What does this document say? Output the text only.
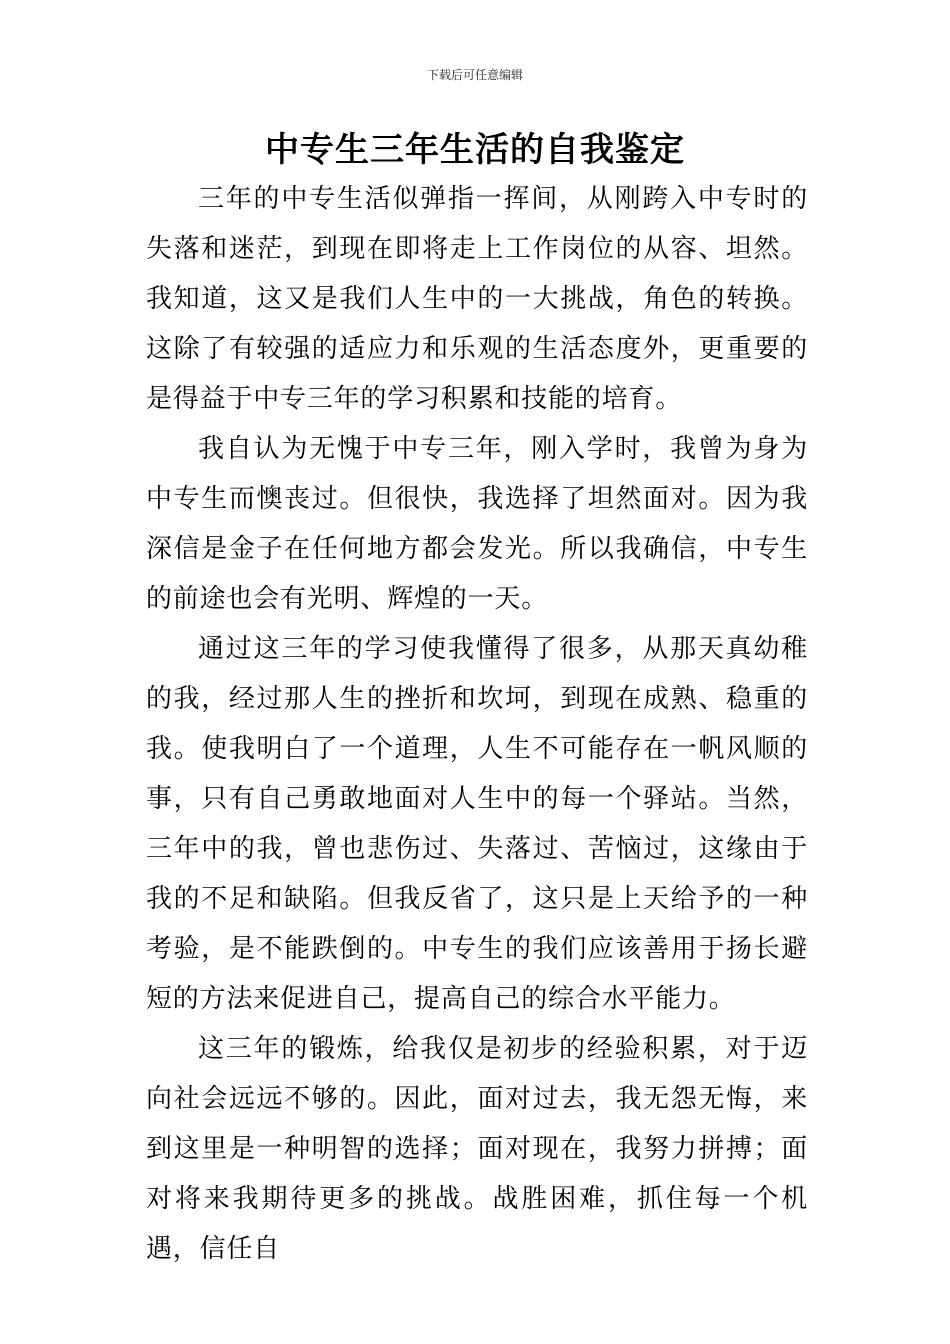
下载后可任意编辑
中专生三年生活的自我鉴定

三年的中专生活似弹指一挥间，从刚跨入中专时的失落和迷茫，到现在即将走上工作岗位的从容、坦然。我知道，这又是我们人生中的一大挑战，角色的转换。这除了有较强的适应力和乐观的生活态度外，更重要的是得益于中专三年的学习积累和技能的培育。

我自认为无愧于中专三年，刚入学时，我曾为身为中专生而懊丧过。但很快，我选择了坦然面对。因为我深信是金子在任何地方都会发光。所以我确信，中专生的前途也会有光明、辉煌的一天。

通过这三年的学习使我懂得了很多，从那天真幼稚的我，经过那人生的挫折和坎坷，到现在成熟、稳重的我。使我明白了一个道理，人生不可能存在一帆风顺的事，只有自己勇敢地面对人生中的每一个驿站。当然，三年中的我，曾也悲伤过、失落过、苦恼过，这缘由于我的不足和缺陷。但我反省了，这只是上天给予的一种考验，是不能跌倒的。中专生的我们应该善用于扬长避短的方法来促进自己，提高自己的综合水平能力。

这三年的锻炼，给我仅是初步的经验积累，对于迈向社会远远不够的。因此，面对过去，我无怨无悔，来到这里是一种明智的选择；面对现在，我努力拼搏；面对将来我期待更多的挑战。战胜困难，抓住每一个机遇，信任自
